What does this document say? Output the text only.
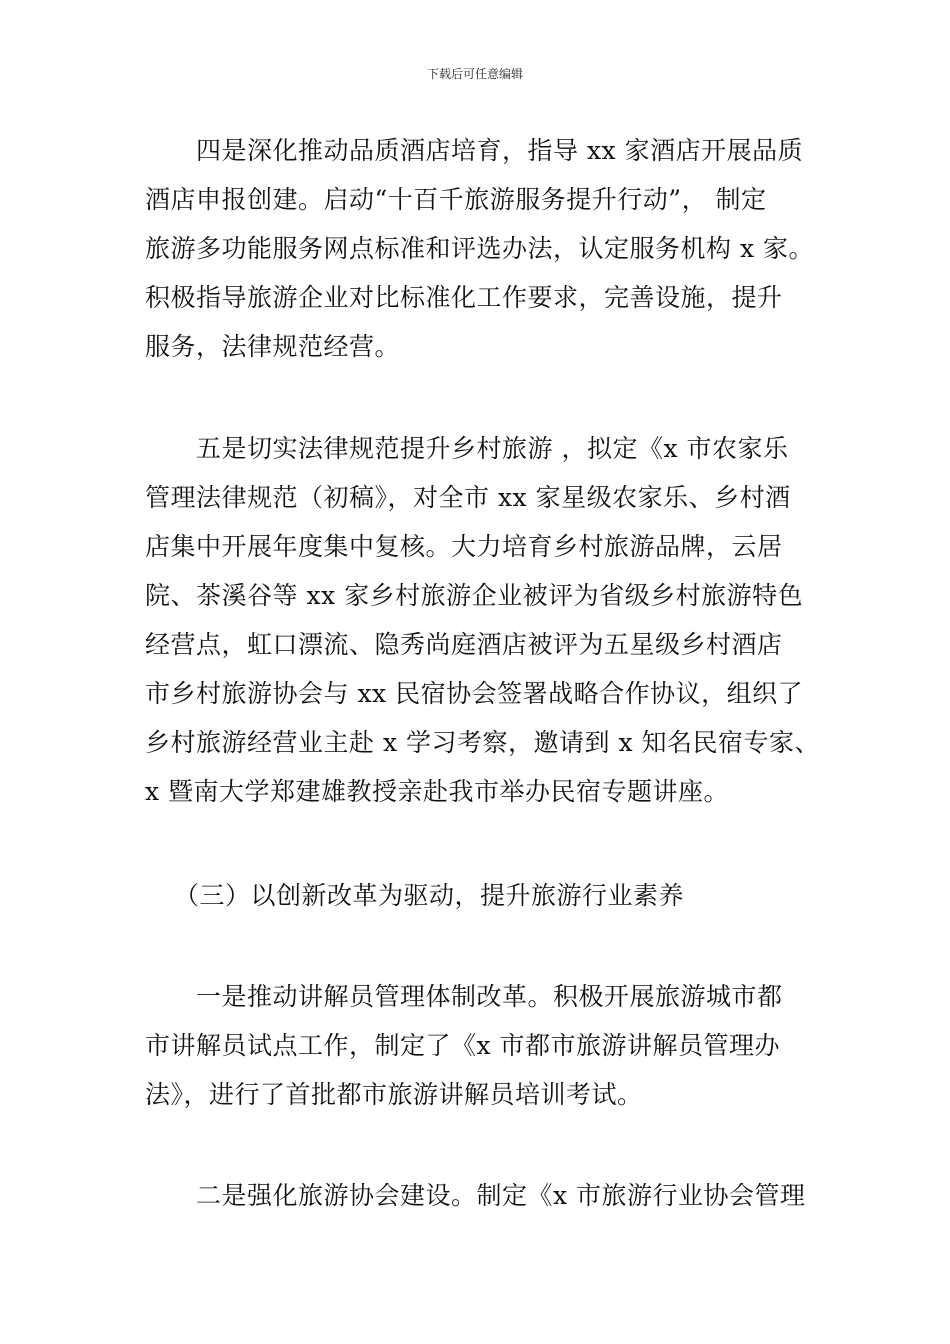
下载后可任意编辑
四是深化推动品质酒店培育，指导 xx 家酒店开展品质
酒店申报创建。启动“十百千旅游服务提升行动”， 制定
旅游多功能服务网点标准和评选办法，认定服务机构 x 家。
积极指导旅游企业对比标准化工作要求，完善设施，提升
服务，法律规范经营。
五是切实法律规范提升乡村旅游 ，拟定《x 市农家乐
管理法律规范（初稿》，对全市 xx 家星级农家乐、乡村酒
店集中开展年度集中复核。大力培育乡村旅游品牌，云居
院、茶溪谷等 xx 家乡村旅游企业被评为省级乡村旅游特色
经营点，虹口漂流、隐秀尚庭酒店被评为五星级乡村酒店
市乡村旅游协会与 xx 民宿协会签署战略合作协议，组织了
乡村旅游经营业主赴 x 学习考察，邀请到 x 知名民宿专家、
x 暨南大学郑建雄教授亲赴我市举办民宿专题讲座。
（三）以创新改革为驱动，提升旅游行业素养
一是推动讲解员管理体制改革。积极开展旅游城市都
市讲解员试点工作，制定了《x 市都市旅游讲解员管理办
法》，进行了首批都市旅游讲解员培训考试。
二是强化旅游协会建设。制定《x 市旅游行业协会管理
